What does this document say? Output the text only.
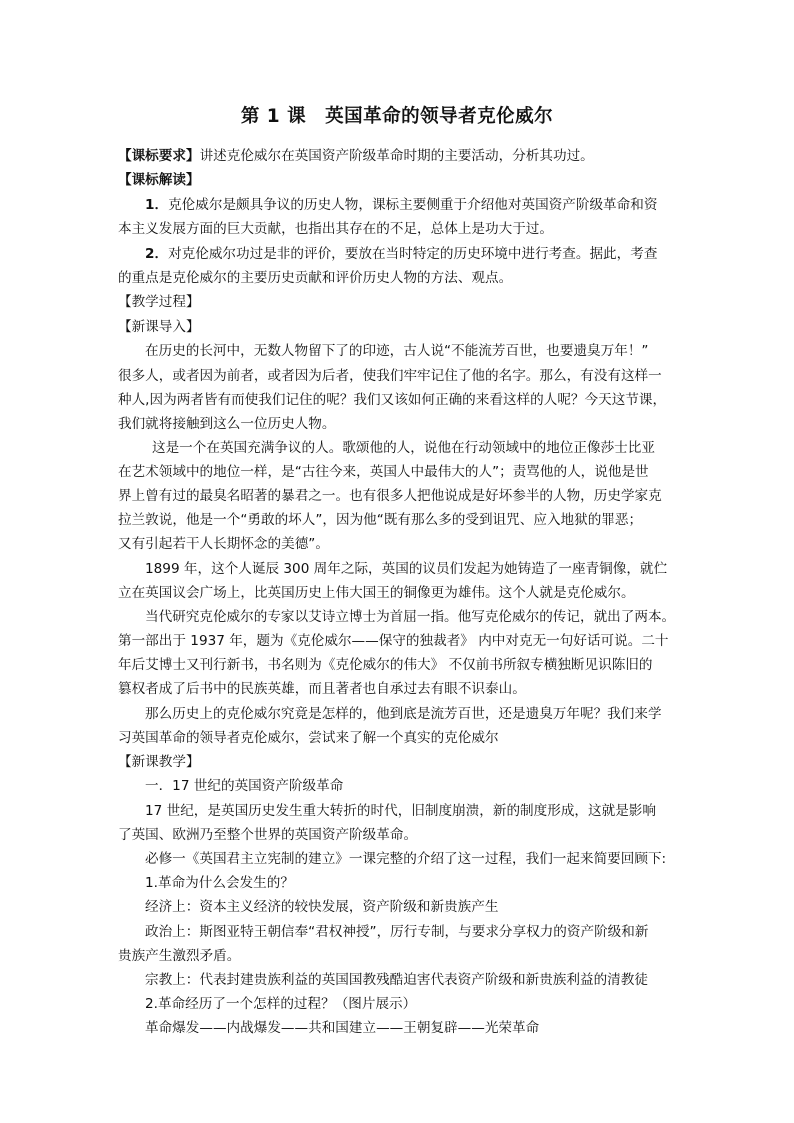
第 1 课　英国革命的领导者克伦威尔
【课标要求】讲述克伦威尔在英国资产阶级革命时期的主要活动，分析其功过。
【课标解读】
1．克伦威尔是颇具争议的历史人物，课标主要侧重于介绍他对英国资产阶级革命和资
本主义发展方面的巨大贡献，也指出其存在的不足，总体上是功大于过。
2．对克伦威尔功过是非的评价，要放在当时特定的历史环境中进行考查。据此，考查
的重点是克伦威尔的主要历史贡献和评价历史人物的方法、观点。
【教学过程】
【新课导入】
在历史的长河中，无数人物留下了的印迹，古人说“不能流芳百世，也要遗臭万年！”
很多人，或者因为前者，或者因为后者，使我们牢牢记住了他的名字。那么，有没有这样一
种人,因为两者皆有而使我们记住的呢？我们又该如何正确的来看这样的人呢？今天这节课，
我们就将接触到这么一位历史人物。
这是一个在英国充满争议的人。歌颂他的人，说他在行动领域中的地位正像莎士比亚
在艺术领域中的地位一样，是“古往今来，英国人中最伟大的人”；责骂他的人，说他是世
界上曾有过的最臭名昭著的暴君之一。也有很多人把他说成是好坏参半的人物，历史学家克
拉兰敦说，他是一个“勇敢的坏人”，因为他“既有那么多的受到诅咒、应入地狱的罪恶；
又有引起若干人长期怀念的美德”。
1899 年，这个人诞辰 300 周年之际，英国的议员们发起为她铸造了一座青铜像，就伫
立在英国议会广场上，比英国历史上伟大国王的铜像更为雄伟。这个人就是克伦威尔。
当代研究克伦威尔的专家以艾诗立博士为首屈一指。他写克伦威尔的传记，就出了两本。
第一部出于 1937 年，题为《克伦威尔——保守的独裁者》 内中对克无一句好话可说。二十
年后艾博士又刊行新书，书名则为《克伦威尔的伟大》 不仅前书所叙专横独断见识陈旧的
篡权者成了后书中的民族英雄，而且著者也自承过去有眼不识泰山。
那么历史上的克伦威尔究竟是怎样的，他到底是流芳百世，还是遗臭万年呢？我们来学
习英国革命的领导者克伦威尔，尝试来了解一个真实的克伦威尔
【新课教学】
一．17 世纪的英国资产阶级革命
17 世纪，是英国历史发生重大转折的时代，旧制度崩溃，新的制度形成，这就是影响
了英国、欧洲乃至整个世界的英国资产阶级革命。
必修一《英国君主立宪制的建立》一课完整的介绍了这一过程，我们一起来简要回顾下:
1.革命为什么会发生的？
经济上：资本主义经济的较快发展，资产阶级和新贵族产生
政治上：斯图亚特王朝信奉“君权神授”，厉行专制，与要求分享权力的资产阶级和新
贵族产生激烈矛盾。
宗教上：代表封建贵族利益的英国国教残酷迫害代表资产阶级和新贵族利益的清教徒
2.革命经历了一个怎样的过程？（图片展示）
革命爆发——内战爆发——共和国建立——王朝复辟——光荣革命
